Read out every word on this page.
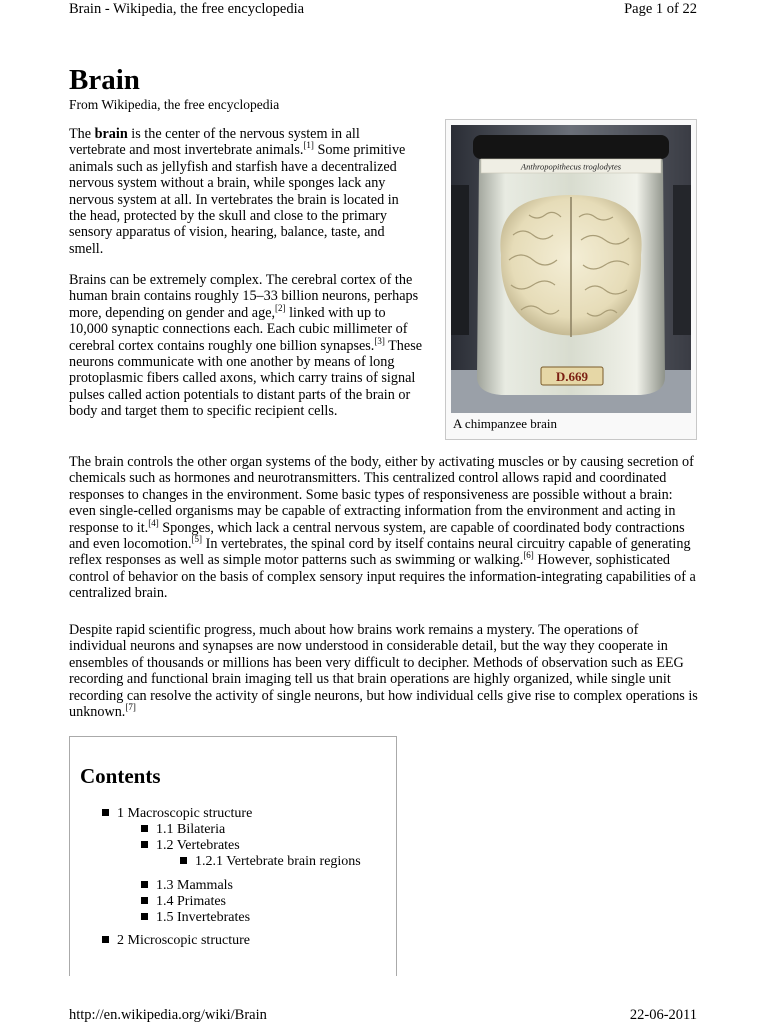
Brain - Wikipedia, the free encyclopedia	Page 1 of 22
Brain
From Wikipedia, the free encyclopedia

The brain is the center of the nervous system in all vertebrate and most invertebrate animals.[1] Some primitive animals such as jellyfish and starfish have a decentralized nervous system without a brain, while sponges lack any nervous system at all. In vertebrates the brain is located in the head, protected by the skull and close to the primary sensory apparatus of vision, hearing, balance, taste, and smell.

Brains can be extremely complex. The cerebral cortex of the human brain contains roughly 15–33 billion neurons, perhaps more, depending on gender and age,[2] linked with up to 10,000 synaptic connections each. Each cubic millimeter of cerebral cortex contains roughly one billion synapses.[3] These neurons communicate with one another by means of long protoplasmic fibers called axons, which carry trains of signal pulses called action potentials to distant parts of the brain or body and target them to specific recipient cells.

Anthropopithecus troglodytes
D.669
A chimpanzee brain

The brain controls the other organ systems of the body, either by activating muscles or by causing secretion of chemicals such as hormones and neurotransmitters. This centralized control allows rapid and coordinated responses to changes in the environment. Some basic types of responsiveness are possible without a brain: even single-celled organisms may be capable of extracting information from the environment and acting in response to it.[4] Sponges, which lack a central nervous system, are capable of coordinated body contractions and even locomotion.[5] In vertebrates, the spinal cord by itself contains neural circuitry capable of generating reflex responses as well as simple motor patterns such as swimming or walking.[6] However, sophisticated control of behavior on the basis of complex sensory input requires the information-integrating capabilities of a centralized brain.

Despite rapid scientific progress, much about how brains work remains a mystery. The operations of individual neurons and synapses are now understood in considerable detail, but the way they cooperate in ensembles of thousands or millions has been very difficult to decipher. Methods of observation such as EEG recording and functional brain imaging tell us that brain operations are highly organized, while single unit recording can resolve the activity of single neurons, but how individual cells give rise to complex operations is unknown.[7]

Contents
1 Macroscopic structure
1.1 Bilateria
1.2 Vertebrates
1.2.1 Vertebrate brain regions
1.3 Mammals
1.4 Primates
1.5 Invertebrates
2 Microscopic structure
http://en.wikipedia.org/wiki/Brain	22-06-2011
